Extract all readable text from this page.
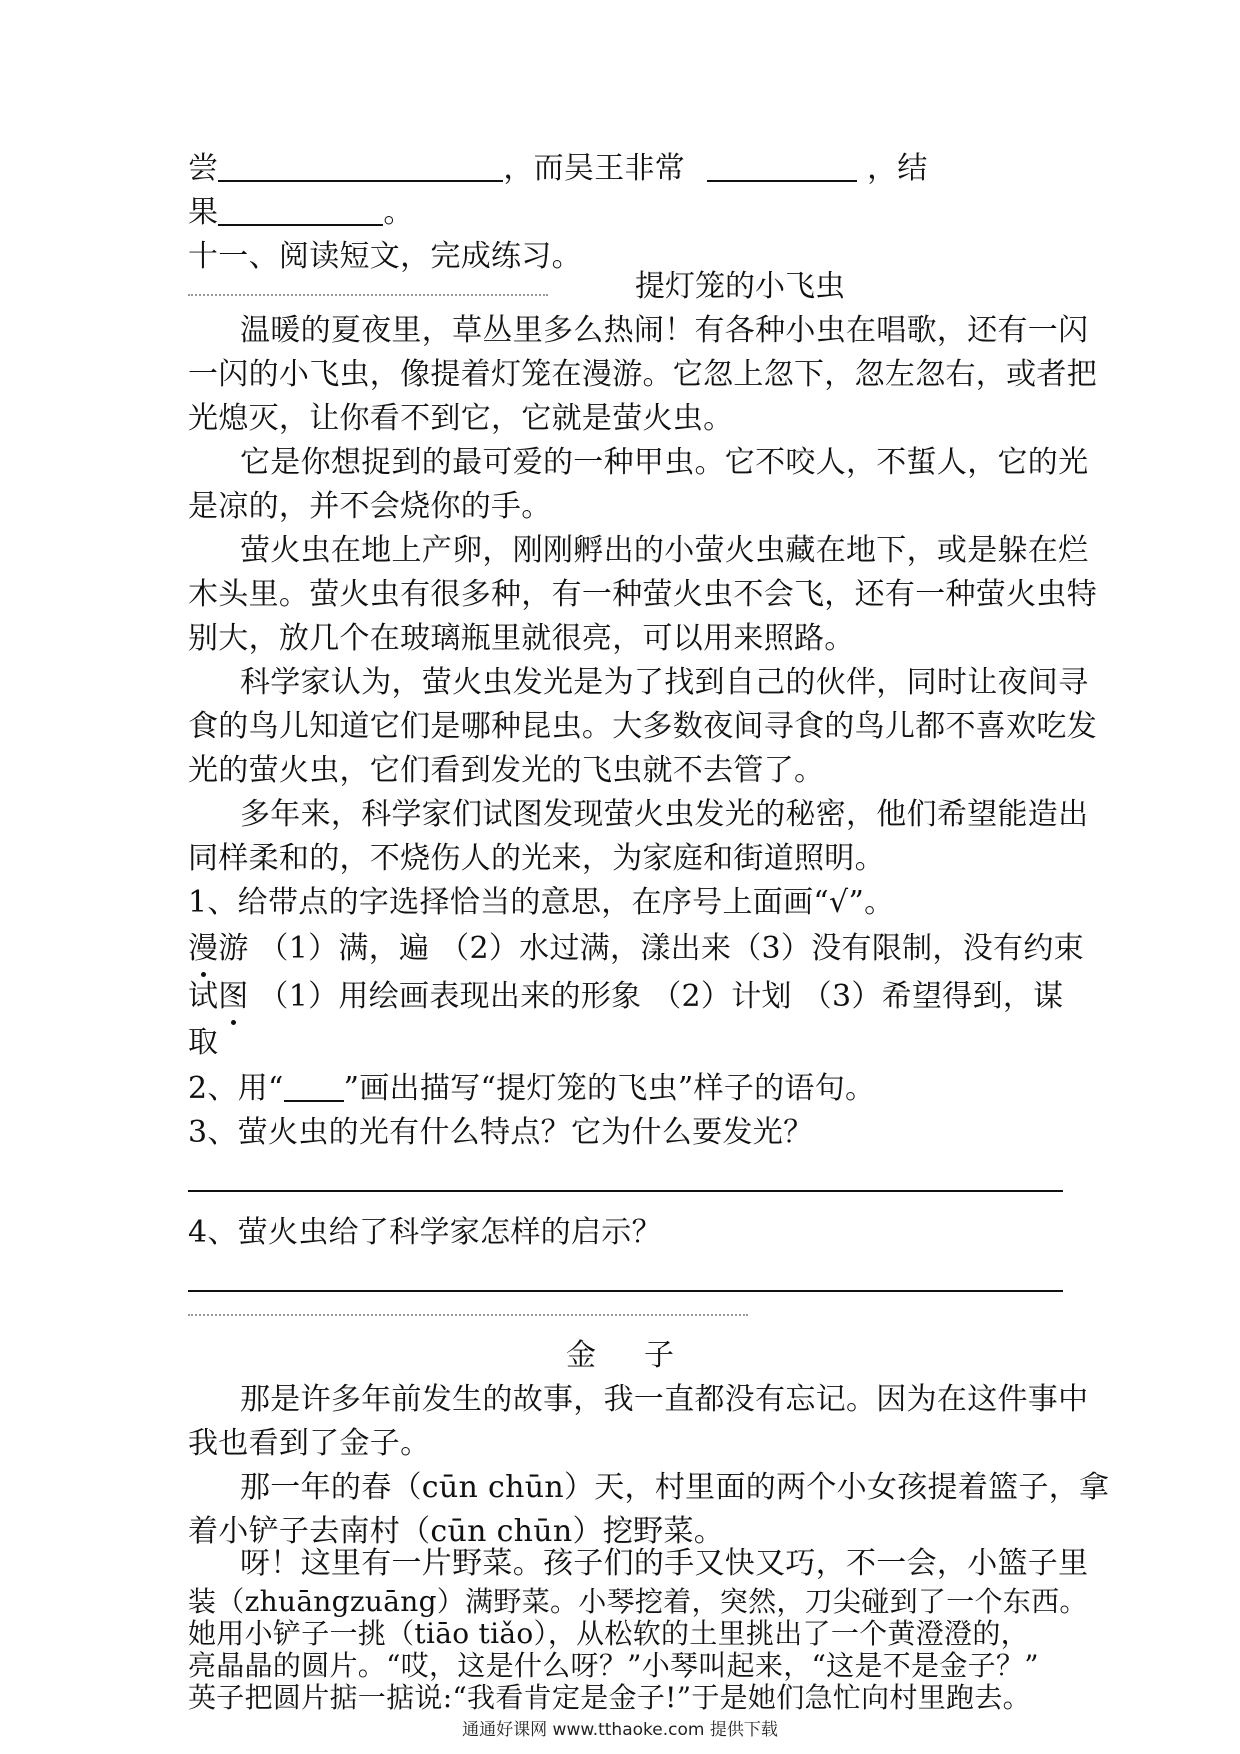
尝	，而吴王非常	，结
果	。
十一、阅读短文，完成练习。
提灯笼的小飞虫
温暖的夏夜里，草丛里多么热闹！有各种小虫在唱歌，还有一闪
一闪的小飞虫，像提着灯笼在漫游。它忽上忽下，忽左忽右，或者把
光熄灭，让你看不到它，它就是萤火虫。
它是你想捉到的最可爱的一种甲虫。它不咬人，不蜇人，它的光
是凉的，并不会烧你的手。
萤火虫在地上产卵，刚刚孵出的小萤火虫藏在地下，或是躲在烂
木头里。萤火虫有很多种，有一种萤火虫不会飞，还有一种萤火虫特
别大，放几个在玻璃瓶里就很亮，可以用来照路。
科学家认为，萤火虫发光是为了找到自己的伙伴，同时让夜间寻
食的鸟儿知道它们是哪种昆虫。大多数夜间寻食的鸟儿都不喜欢吃发
光的萤火虫，它们看到发光的飞虫就不去管了。
多年来，科学家们试图发现萤火虫发光的秘密，他们希望能造出
同样柔和的，不烧伤人的光来，为家庭和街道照明。
1、给带点的字选择恰当的意思，在序号上面画“√”。
漫游 （1）满，遍 （2）水过满，漾出来（3）没有限制，没有约束
试图 （1）用绘画表现出来的形象 （2）计划 （3）希望得到，谋
取
2、用“ ”画出描写“提灯笼的飞虫”样子的语句。
3、萤火虫的光有什么特点？它为什么要发光？
4、萤火虫给了科学家怎样的启示？
金 子
那是许多年前发生的故事，我一直都没有忘记。因为在这件事中
我也看到了金子。
那一年的春（cūn chūn）天，村里面的两个小女孩提着篮子，拿
着小铲子去南村（cūn chūn）挖野菜。
呀！这里有一片野菜。孩子们的手又快又巧，不一会，小篮子里
通通好课网 www.tthaoke.com 提供下载
装（zhuāngzuāng）满野菜。小琴挖着，突然，刀尖碰到了一个东西。
她用小铲子一挑（tiāo tiǎo），从松软的土里挑出了一个黄澄澄的，
亮晶晶的圆片。“哎，这是什么呀？”小琴叫起来，“这是不是金子？”
英子把圆片掂一掂说:“我看肯定是金子!”于是她们急忙向村里跑去。
